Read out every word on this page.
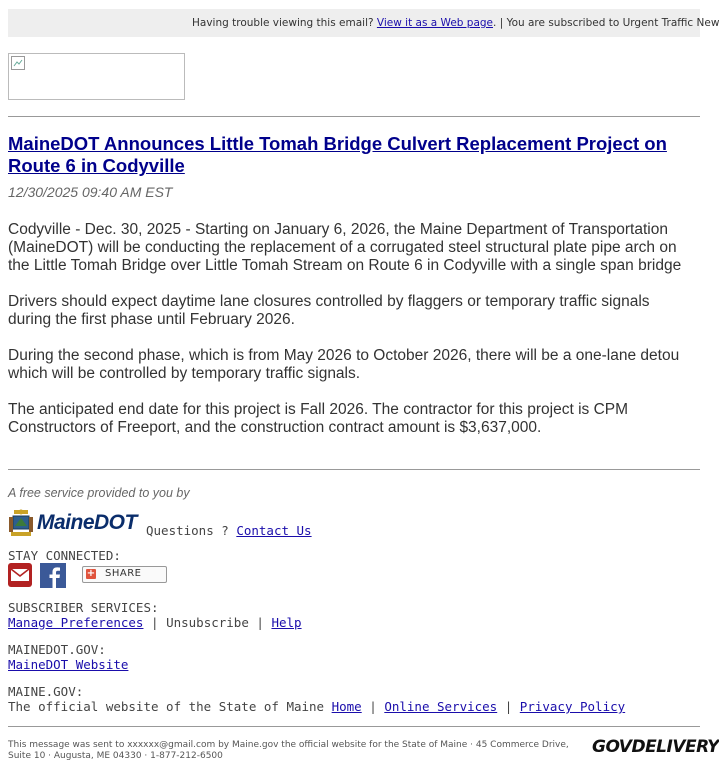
Having trouble viewing this email? View it as a Web page. | You are subscribed to Urgent Traffic New
MaineDOT Announces Little Tomah Bridge Culvert Replacement Project on Route 6 in Codyville
12/30/2025 09:40 AM EST
Codyville - Dec. 30, 2025 - Starting on January 6, 2026, the Maine Department of Transportation
(MaineDOT) will be conducting the replacement of a corrugated steel structural plate pipe arch on
the Little Tomah Bridge over Little Tomah Stream on Route 6 in Codyville with a single span bridge
Drivers should expect daytime lane closures controlled by flaggers or temporary traffic signals
during the first phase until February 2026.
During the second phase, which is from May 2026 to October 2026, there will be a one-lane detou
which will be controlled by temporary traffic signals.
The anticipated end date for this project is Fall 2026. The contractor for this project is CPM
Constructors of Freeport, and the construction contract amount is $3,637,000.
A free service provided to you by
MaineDOT Questions ? Contact Us
STAY CONNECTED:
+ SHARE
SUBSCRIBER SERVICES:
Manage Preferences | Unsubscribe | Help
MAINEDOT.GOV:
MaineDOT Website
MAINE.GOV:
The official website of the State of Maine Home | Online Services | Privacy Policy
This message was sent to xxxxxx@gmail.com by Maine.gov the official website for the State of Maine · 45 Commerce Drive, Suite 10 · Augusta, ME 04330 · 1-877-212-6500	GOVDELIVERY
